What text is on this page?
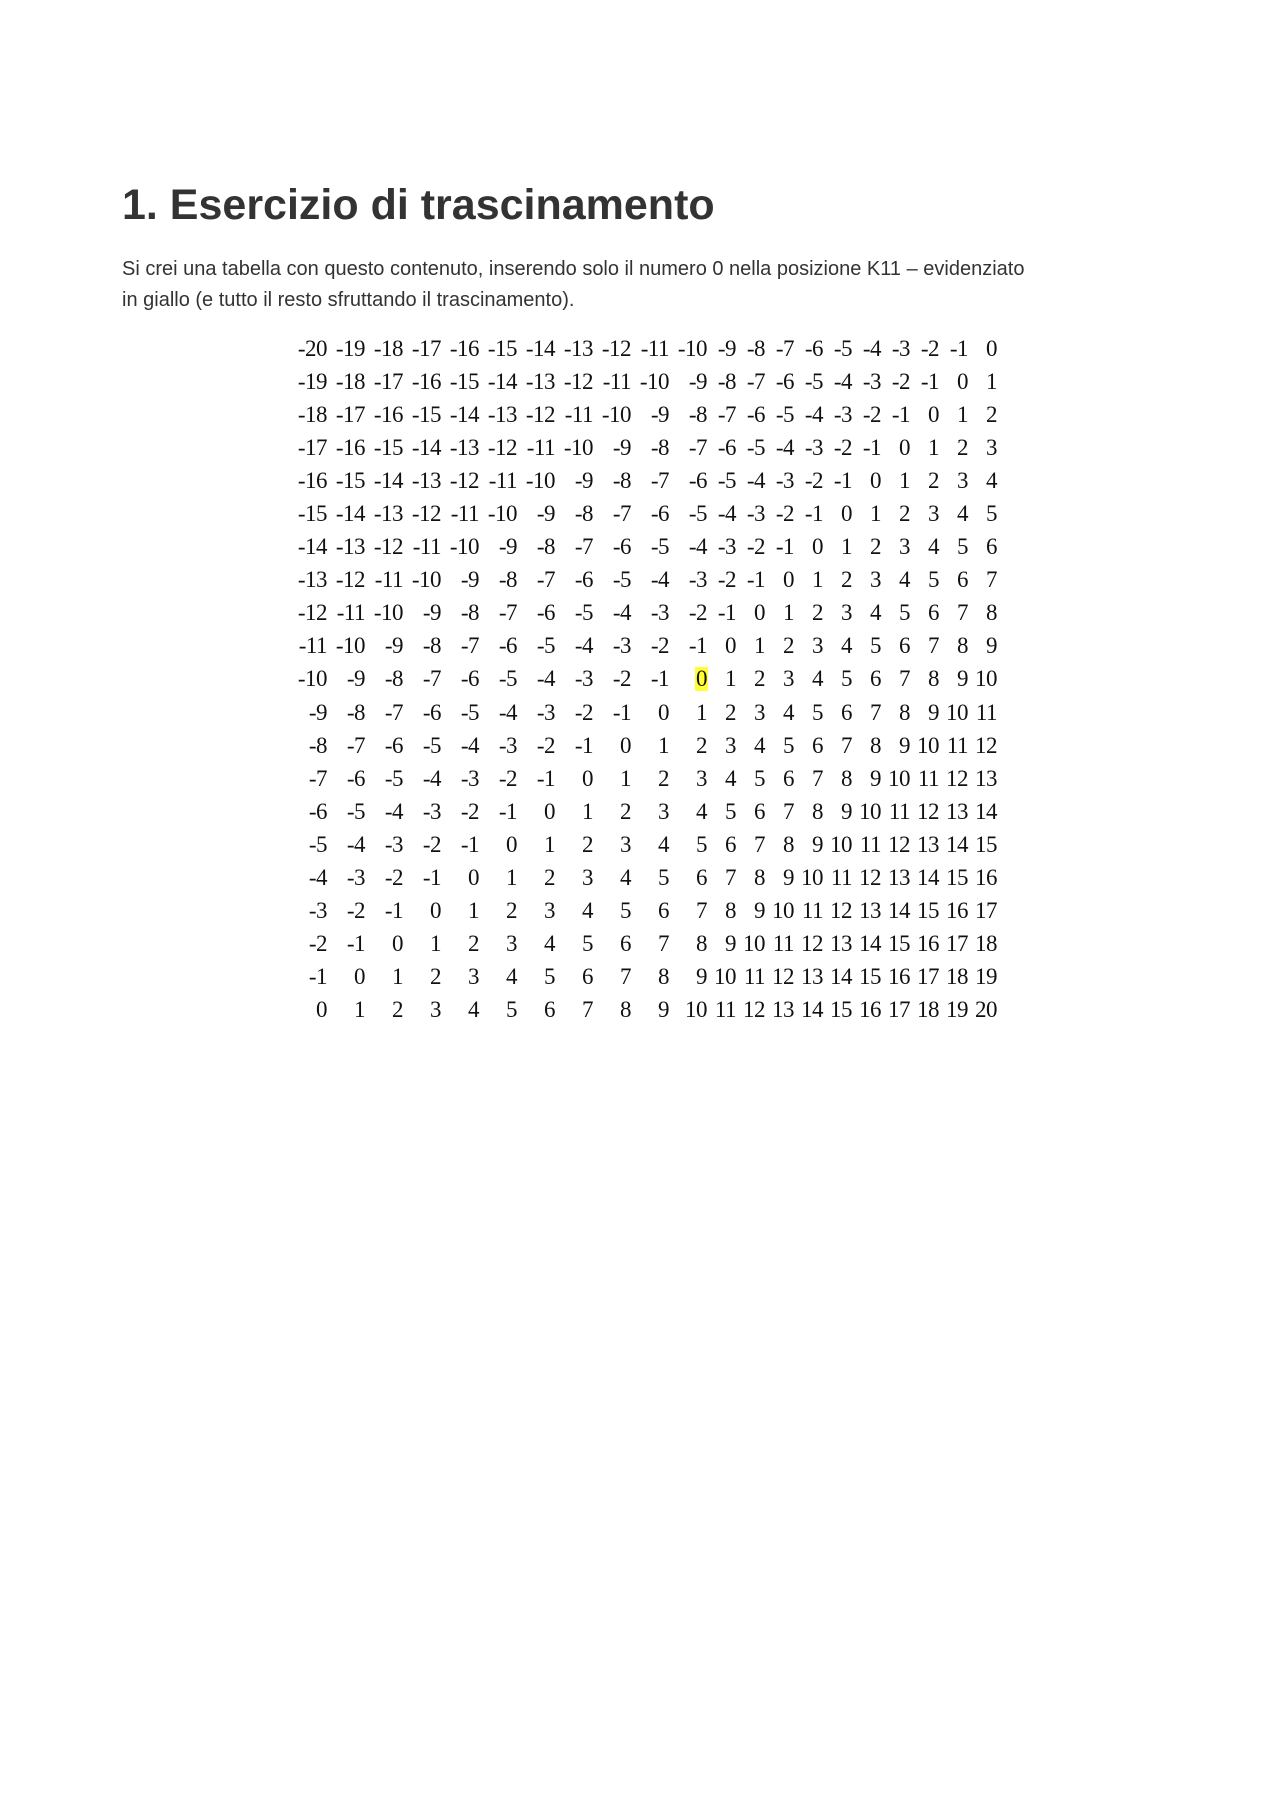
1. Esercizio di trascinamento

Si crei una tabella con questo contenuto, inserendo solo il numero 0 nella posizione K11 – evidenziato
in giallo (e tutto il resto sfruttando il trascinamento).

-20	-19	-18	-17	-16	-15	-14	-13	-12	-11	-10	-9	-8	-7	-6	-5	-4	-3	-2	-1	0
-19	-18	-17	-16	-15	-14	-13	-12	-11	-10	-9	-8	-7	-6	-5	-4	-3	-2	-1	0	1
-18	-17	-16	-15	-14	-13	-12	-11	-10	-9	-8	-7	-6	-5	-4	-3	-2	-1	0	1	2
-17	-16	-15	-14	-13	-12	-11	-10	-9	-8	-7	-6	-5	-4	-3	-2	-1	0	1	2	3
-16	-15	-14	-13	-12	-11	-10	-9	-8	-7	-6	-5	-4	-3	-2	-1	0	1	2	3	4
-15	-14	-13	-12	-11	-10	-9	-8	-7	-6	-5	-4	-3	-2	-1	0	1	2	3	4	5
-14	-13	-12	-11	-10	-9	-8	-7	-6	-5	-4	-3	-2	-1	0	1	2	3	4	5	6
-13	-12	-11	-10	-9	-8	-7	-6	-5	-4	-3	-2	-1	0	1	2	3	4	5	6	7
-12	-11	-10	-9	-8	-7	-6	-5	-4	-3	-2	-1	0	1	2	3	4	5	6	7	8
-11	-10	-9	-8	-7	-6	-5	-4	-3	-2	-1	0	1	2	3	4	5	6	7	8	9
-10	-9	-8	-7	-6	-5	-4	-3	-2	-1	0	1	2	3	4	5	6	7	8	9	10
-9	-8	-7	-6	-5	-4	-3	-2	-1	0	1	2	3	4	5	6	7	8	9	10	11
-8	-7	-6	-5	-4	-3	-2	-1	0	1	2	3	4	5	6	7	8	9	10	11	12
-7	-6	-5	-4	-3	-2	-1	0	1	2	3	4	5	6	7	8	9	10	11	12	13
-6	-5	-4	-3	-2	-1	0	1	2	3	4	5	6	7	8	9	10	11	12	13	14
-5	-4	-3	-2	-1	0	1	2	3	4	5	6	7	8	9	10	11	12	13	14	15
-4	-3	-2	-1	0	1	2	3	4	5	6	7	8	9	10	11	12	13	14	15	16
-3	-2	-1	0	1	2	3	4	5	6	7	8	9	10	11	12	13	14	15	16	17
-2	-1	0	1	2	3	4	5	6	7	8	9	10	11	12	13	14	15	16	17	18
-1	0	1	2	3	4	5	6	7	8	9	10	11	12	13	14	15	16	17	18	19
0	1	2	3	4	5	6	7	8	9	10	11	12	13	14	15	16	17	18	19	20
